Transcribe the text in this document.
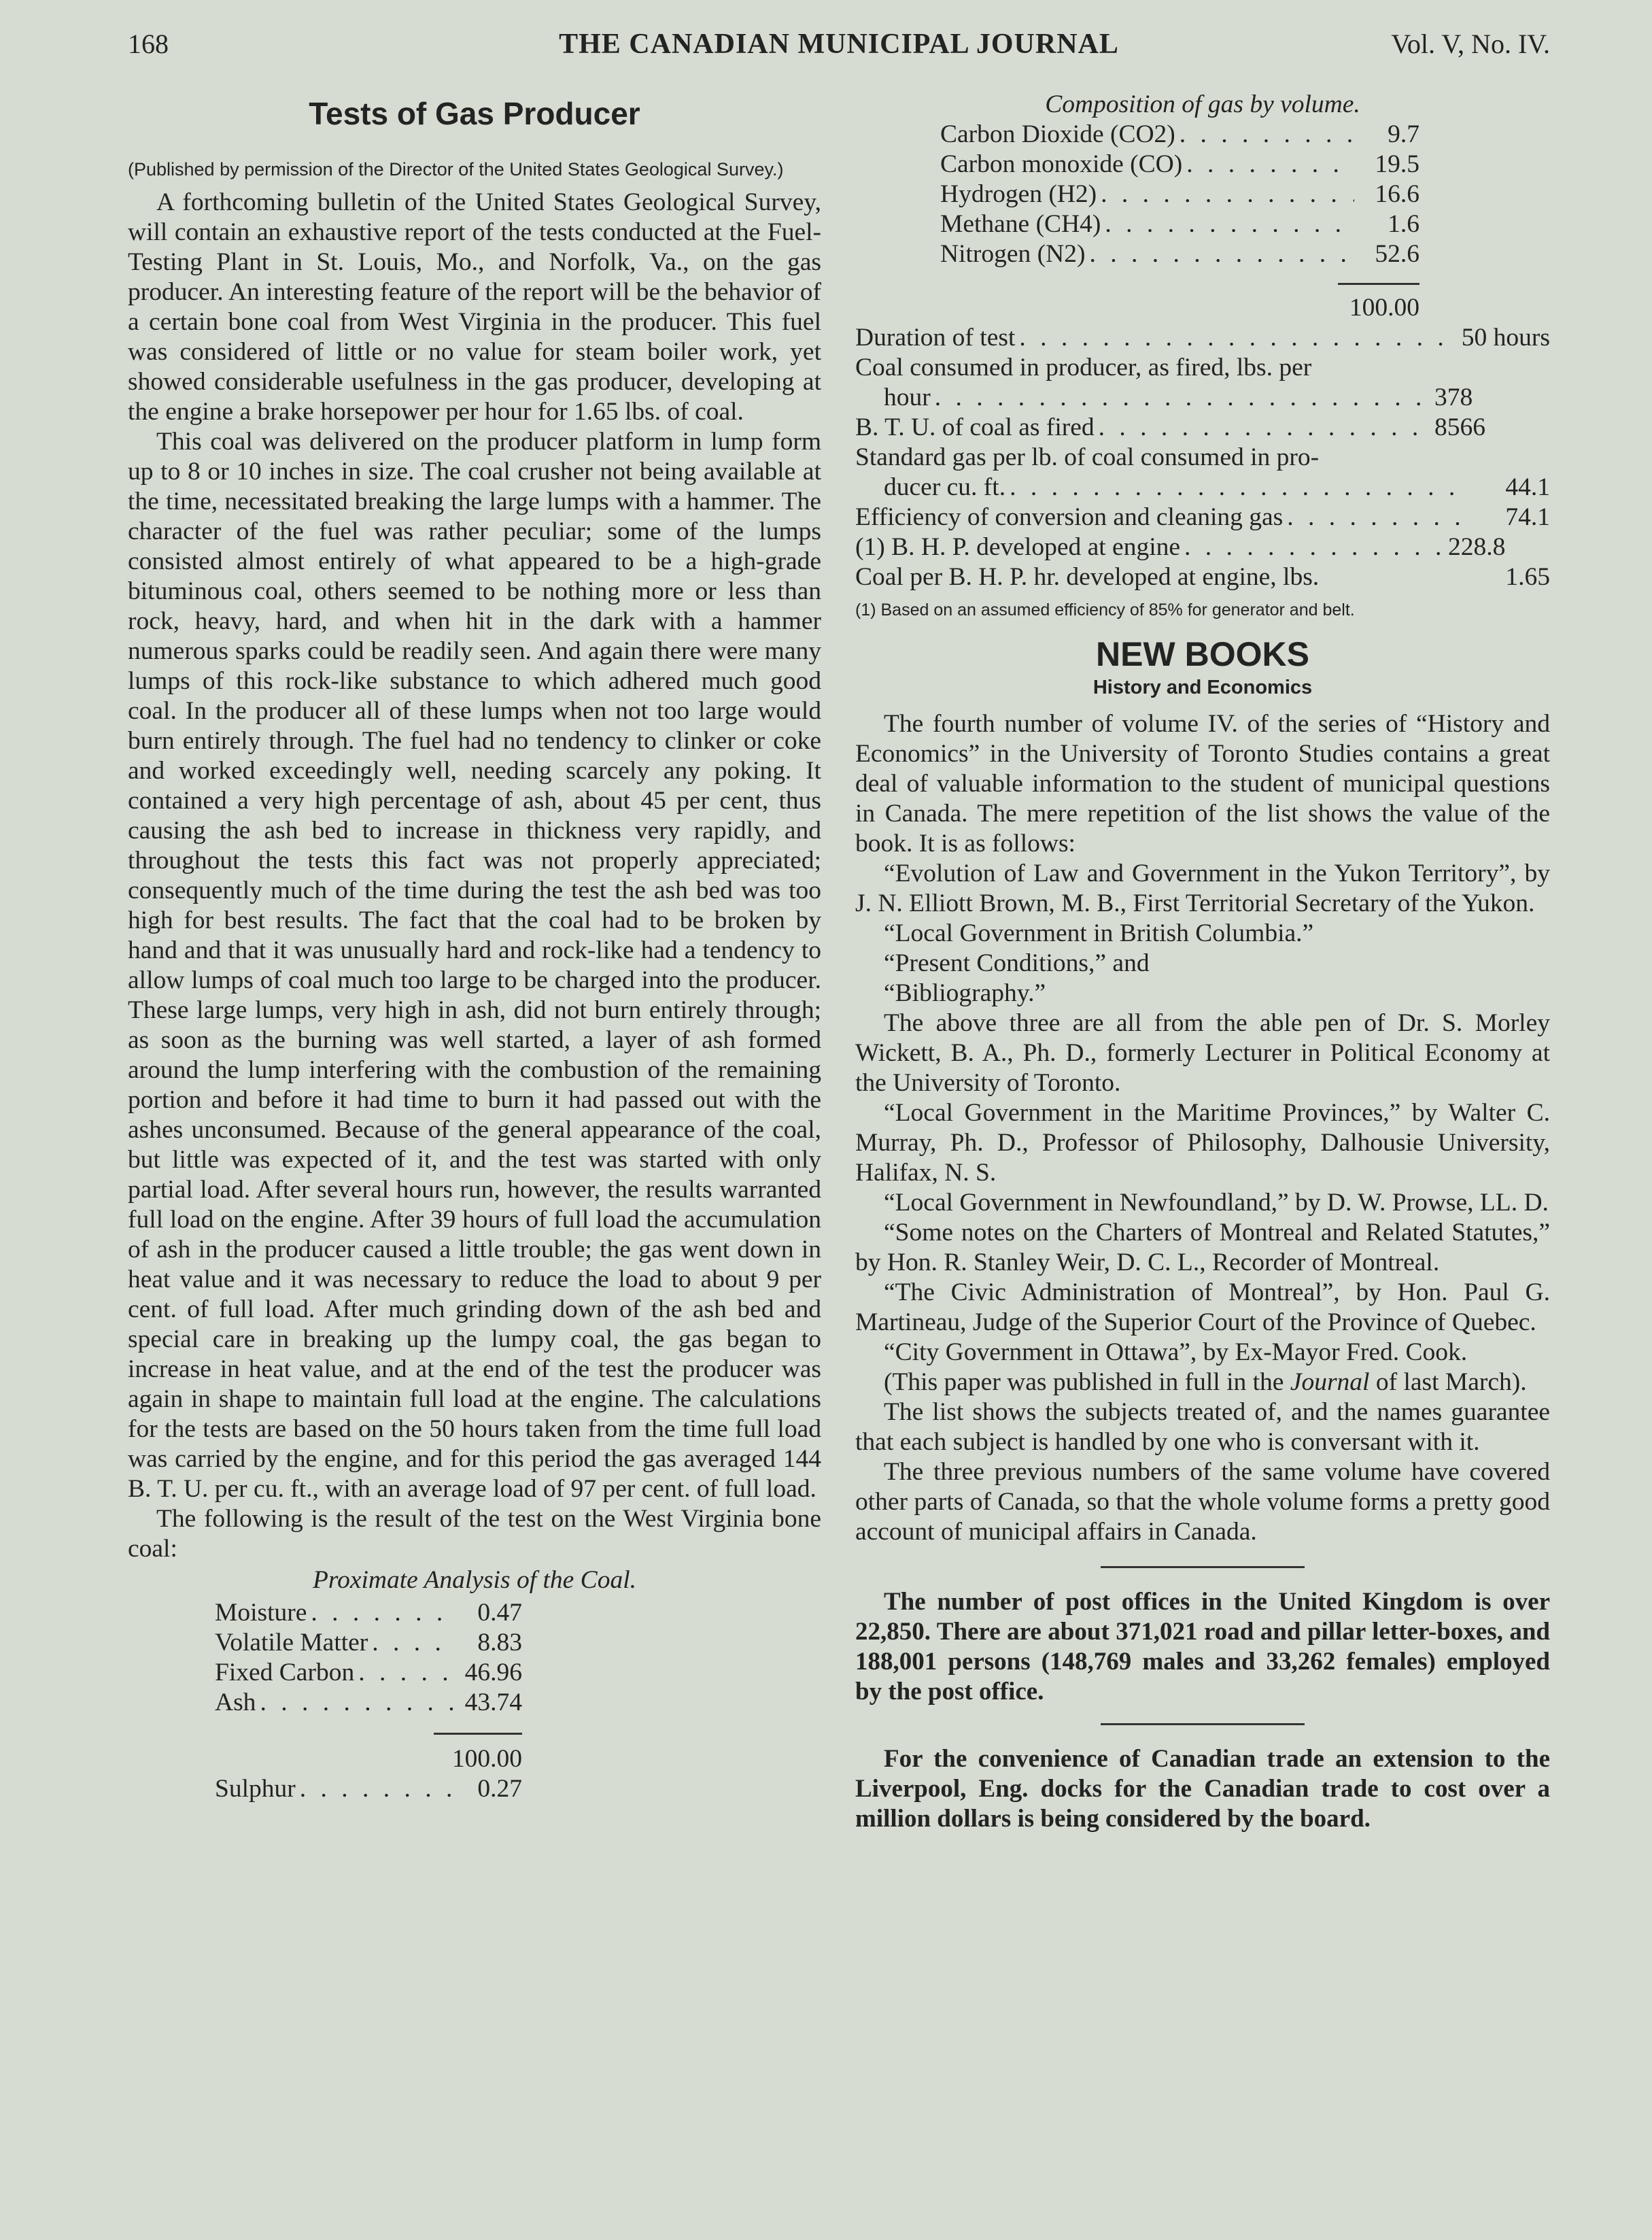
168	THE CANADIAN MUNICIPAL JOURNAL	Vol. V, No. IV.
Tests of Gas Producer
(Published by permission of the Director of the United States Geological Survey.)

A forthcoming bulletin of the United States Geological Survey, will contain an exhaustive report of the tests conducted at the Fuel-Testing Plant in St. Louis, Mo., and Norfolk, Va., on the gas producer. An interesting feature of the report will be the behavior of a certain bone coal from West Virginia in the producer. This fuel was considered of little or no value for steam boiler work, yet showed considerable usefulness in the gas producer, developing at the engine a brake horsepower per hour for 1.65 lbs. of coal.

This coal was delivered on the producer platform in lump form up to 8 or 10 inches in size. The coal crusher not being available at the time, necessitated breaking the large lumps with a hammer. The character of the fuel was rather peculiar; some of the lumps consisted almost entirely of what appeared to be a high-grade bituminous coal, others seemed to be nothing more or less than rock, heavy, hard, and when hit in the dark with a hammer numerous sparks could be readily seen. And again there were many lumps of this rock-like substance to which adhered much good coal. In the producer all of these lumps when not too large would burn entirely through. The fuel had no tendency to clinker or coke and worked exceedingly well, needing scarcely any poking. It contained a very high percentage of ash, about 45 per cent, thus causing the ash bed to increase in thickness very rapidly, and throughout the tests this fact was not properly appreciated; consequently much of the time during the test the ash bed was too high for best results. The fact that the coal had to be broken by hand and that it was unusually hard and rock-like had a tendency to allow lumps of coal much too large to be charged into the producer. These large lumps, very high in ash, did not burn entirely through; as soon as the burning was well started, a layer of ash formed around the lump interfering with the combustion of the remaining portion and before it had time to burn it had passed out with the ashes unconsumed. Because of the general appearance of the coal, but little was expected of it, and the test was started with only partial load. After several hours run, however, the results warranted full load on the engine. After 39 hours of full load the accumulation of ash in the producer caused a little trouble; the gas went down in heat value and it was necessary to reduce the load to about 9 per cent. of full load. After much grinding down of the ash bed and special care in breaking up the lumpy coal, the gas began to increase in heat value, and at the end of the test the producer was again in shape to maintain full load at the engine. The calculations for the tests are based on the 50 hours taken from the time full load was carried by the engine, and for this period the gas averaged 144 B. T. U. per cu. ft., with an average load of 97 per cent. of full load.

The following is the result of the test on the West Virginia bone coal:

Proximate Analysis of the Coal.
Moisture . . .	0.47
Volatile Matter . . .	8.83
Fixed Carbon . . .	46.96
Ash . . .	43.74
100.00
Sulphur . . .	0.27
Composition of gas by volume.
Carbon Dioxide (CO2) . . .	9.7
Carbon monoxide (CO) . . .	19.5
Hydrogen (H2) . . .	16.6
Methane (CH4) . . .	1.6
Nitrogen (N2) . . .	52.6
100.00
Duration of test . . .	50 hours
Coal consumed in producer, as fired, lbs. per
hour . . .	378
B. T. U. of coal as fired . . .	8566
Standard gas per lb. of coal consumed in pro-
ducer cu. ft. . . .	44.1
Efficiency of conversion and cleaning gas . . .	74.1
(1) B. H. P. developed at engine . . .	228.8
Coal per B. H. P. hr. developed at engine, lbs.	1.65
(1) Based on an assumed efficiency of 85% for generator and belt.
NEW BOOKS
History and Economics

The fourth number of volume IV. of the series of “History and Economics” in the University of Toronto Studies contains a great deal of valuable information to the student of municipal questions in Canada. The mere repetition of the list shows the value of the book. It is as follows:

“Evolution of Law and Government in the Yukon Territory”, by J. N. Elliott Brown, M. B., First Territorial Secretary of the Yukon.

“Local Government in British Columbia.”

“Present Conditions,” and

“Bibliography.”

The above three are all from the able pen of Dr. S. Morley Wickett, B. A., Ph. D., formerly Lecturer in Political Economy at the University of Toronto.

“Local Government in the Maritime Provinces,” by Walter C. Murray, Ph. D., Professor of Philosophy, Dalhousie University, Halifax, N. S.

“Local Government in Newfoundland,” by D. W. Prowse, LL. D.

“Some notes on the Charters of Montreal and Related Statutes,” by Hon. R. Stanley Weir, D. C. L., Recorder of Montreal.

“The Civic Administration of Montreal”, by Hon. Paul G. Martineau, Judge of the Superior Court of the Province of Quebec.

“City Government in Ottawa”, by Ex-Mayor Fred. Cook.

(This paper was published in full in the Journal of last March).

The list shows the subjects treated of, and the names guarantee that each subject is handled by one who is conversant with it.

The three previous numbers of the same volume have covered other parts of Canada, so that the whole volume forms a pretty good account of municipal affairs in Canada.

The number of post offices in the United Kingdom is over 22,850. There are about 371,021 road and pillar letter-boxes, and 188,001 persons (148,769 males and 33,262 females) employed by the post office.

For the convenience of Canadian trade an extension to the Liverpool, Eng. docks for the Canadian trade to cost over a million dollars is being considered by the board.
